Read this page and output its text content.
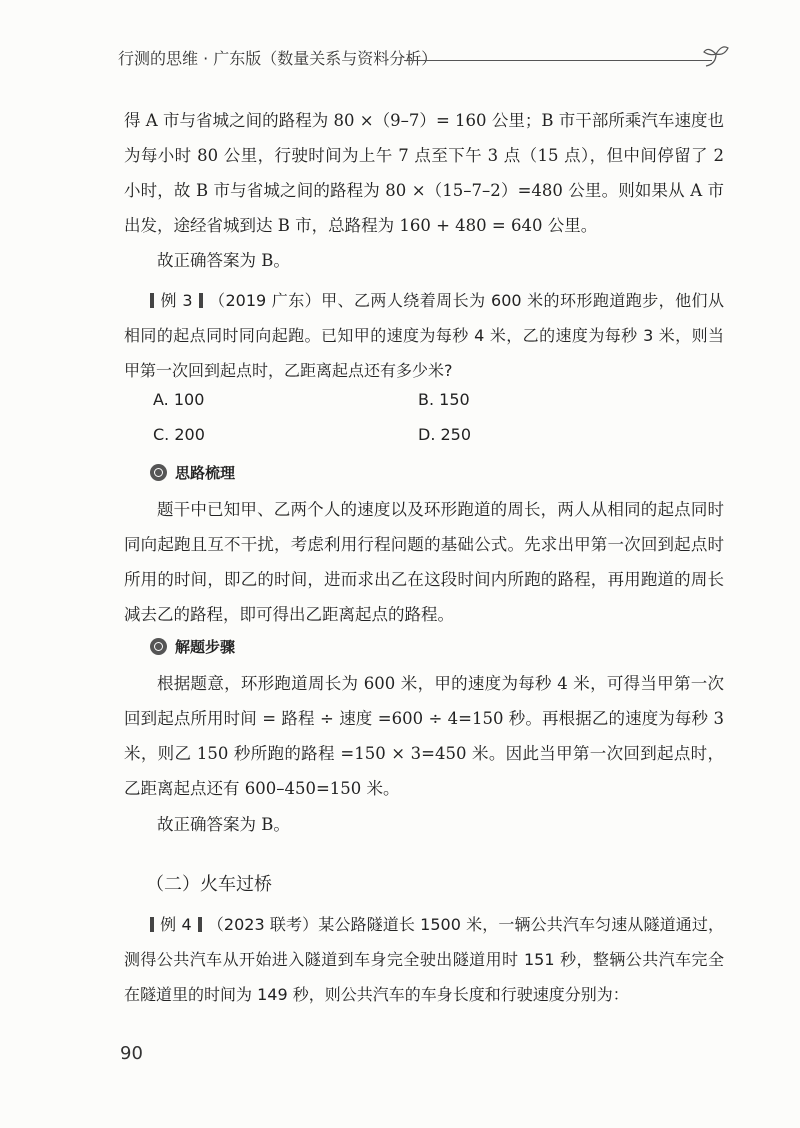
行测的思维 · 广东版（数量关系与资料分析）
得 A 市与省城之间的路程为 80 ×（9–7）= 160 公里；B 市干部所乘汽车速度也为每小时 80 公里，行驶时间为上午 7 点至下午 3 点（15 点），但中间停留了 2 小时，故 B 市与省城之间的路程为 80 ×（15–7–2）=480 公里。则如果从 A 市出发，途经省城到达 B 市，总路程为 160 + 480 = 640 公里。
故正确答案为 B。
例 3 （2019 广东）甲、乙两人绕着周长为 600 米的环形跑道跑步，他们从相同的起点同时同向起跑。已知甲的速度为每秒 4 米，乙的速度为每秒 3 米，则当甲第一次回到起点时，乙距离起点还有多少米?
A. 100	B. 150
C. 200	D. 250
思路梳理
题干中已知甲、乙两个人的速度以及环形跑道的周长，两人从相同的起点同时同向起跑且互不干扰，考虑利用行程问题的基础公式。先求出甲第一次回到起点时所用的时间，即乙的时间，进而求出乙在这段时间内所跑的路程，再用跑道的周长减去乙的路程，即可得出乙距离起点的路程。
解题步骤
根据题意，环形跑道周长为 600 米，甲的速度为每秒 4 米，可得当甲第一次回到起点所用时间 = 路程 ÷ 速度 =600 ÷ 4=150 秒。再根据乙的速度为每秒 3 米，则乙 150 秒所跑的路程 =150 × 3=450 米。因此当甲第一次回到起点时，乙距离起点还有 600–450=150 米。
故正确答案为 B。
（二）火车过桥
例 4 （2023 联考）某公路隧道长 1500 米，一辆公共汽车匀速从隧道通过，测得公共汽车从开始进入隧道到车身完全驶出隧道用时 151 秒，整辆公共汽车完全在隧道里的时间为 149 秒，则公共汽车的车身长度和行驶速度分别为：
90
